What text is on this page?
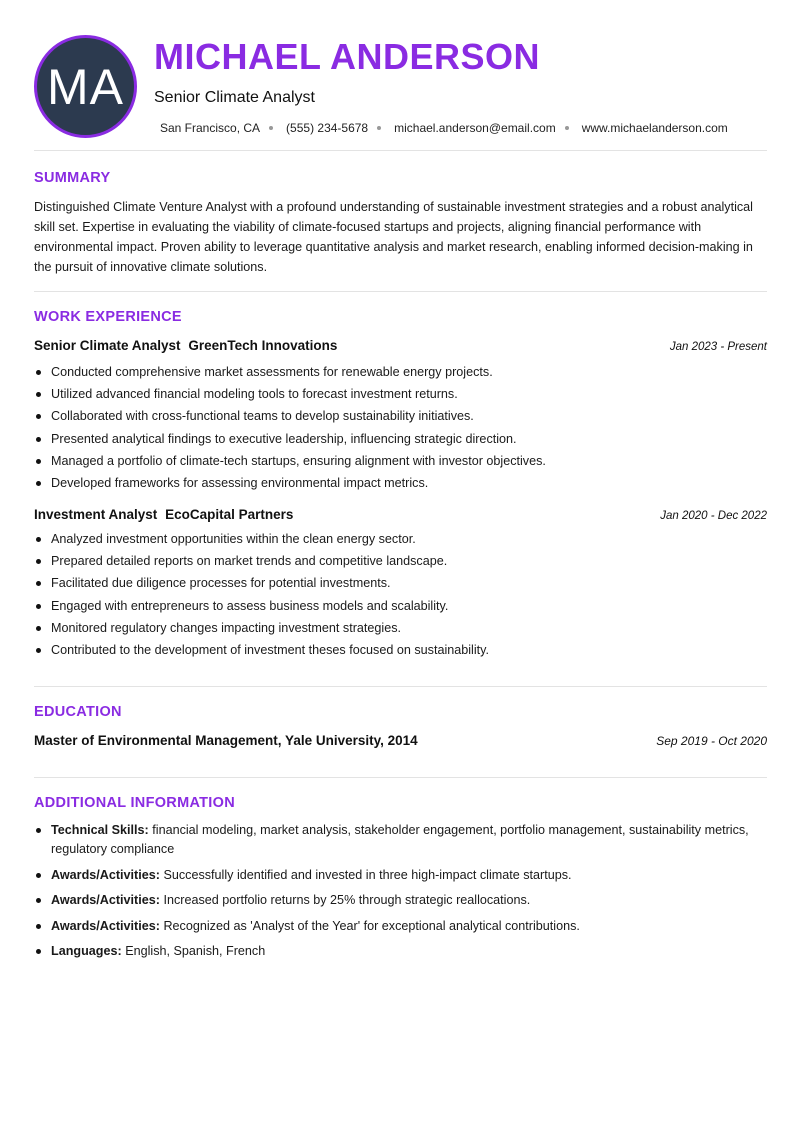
MA
MICHAEL ANDERSON
Senior Climate Analyst
San Francisco, CA (555) 234-5678 michael.anderson@email.com www.michaelanderson.com
SUMMARY
Distinguished Climate Venture Analyst with a profound understanding of sustainable investment strategies and a robust analytical skill set. Expertise in evaluating the viability of climate-focused startups and projects, aligning financial performance with environmental impact. Proven ability to leverage quantitative analysis and market research, enabling informed decision-making in the pursuit of innovative climate solutions.
WORK EXPERIENCE
Senior Climate Analyst GreenTech Innovations	Jan 2023 - Present
Conducted comprehensive market assessments for renewable energy projects.
Utilized advanced financial modeling tools to forecast investment returns.
Collaborated with cross-functional teams to develop sustainability initiatives.
Presented analytical findings to executive leadership, influencing strategic direction.
Managed a portfolio of climate-tech startups, ensuring alignment with investor objectives.
Developed frameworks for assessing environmental impact metrics.
Investment Analyst EcoCapital Partners	Jan 2020 - Dec 2022
Analyzed investment opportunities within the clean energy sector.
Prepared detailed reports on market trends and competitive landscape.
Facilitated due diligence processes for potential investments.
Engaged with entrepreneurs to assess business models and scalability.
Monitored regulatory changes impacting investment strategies.
Contributed to the development of investment theses focused on sustainability.
EDUCATION
Master of Environmental Management, Yale University, 2014	Sep 2019 - Oct 2020
ADDITIONAL INFORMATION
Technical Skills: financial modeling, market analysis, stakeholder engagement, portfolio management, sustainability metrics, regulatory compliance
Awards/Activities: Successfully identified and invested in three high-impact climate startups.
Awards/Activities: Increased portfolio returns by 25% through strategic reallocations.
Awards/Activities: Recognized as 'Analyst of the Year' for exceptional analytical contributions.
Languages: English, Spanish, French
